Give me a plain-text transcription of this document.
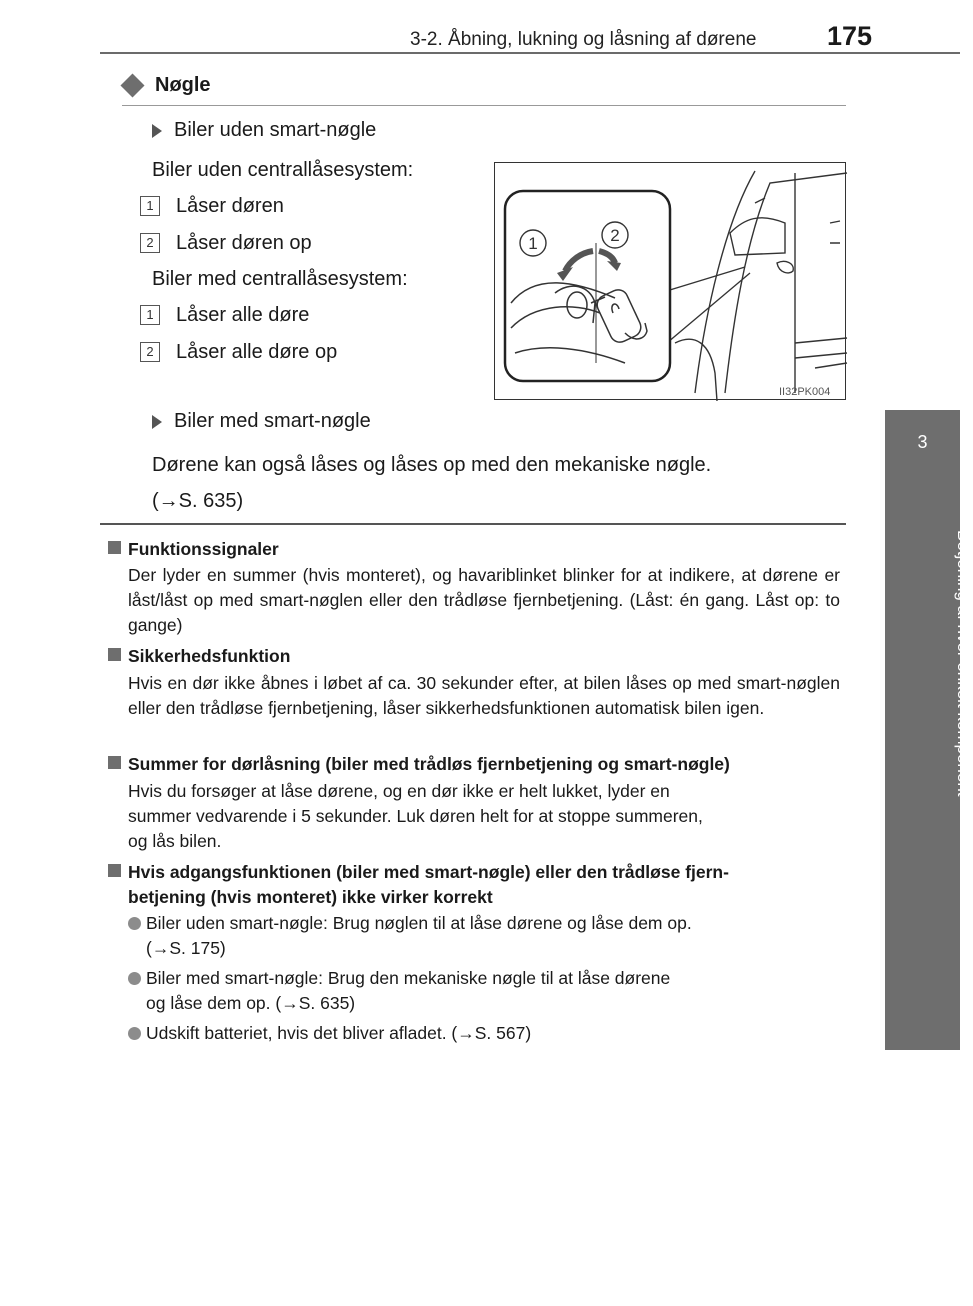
3-2. Åbning, lukning og låsning af dørene	175
3
Betjening af hver enkelt komponent
Nøgle
Biler uden smart-nøgle
Biler uden centrallåsesystem:
1	Låser døren
2	Låser døren op
Biler med centrallåsesystem:
1	Låser alle døre
2	Låser alle døre op
1	2
II32PK004
Biler med smart-nøgle
Dørene kan også låses og låses op med den mekaniske nøgle.
(→S. 635)
Funktionssignaler
Der lyder en summer (hvis monteret), og havariblinket blinker for at indikere, at dørene er låst/låst op med smart-nøglen eller den trådløse fjernbetjening. (Låst: én gang. Låst op: to gange)
Sikkerhedsfunktion
Hvis en dør ikke åbnes i løbet af ca. 30 sekunder efter, at bilen låses op med smart-nøglen eller den trådløse fjernbetjening, låser sikkerhedsfunktionen automatisk bilen igen.
Summer for dørlåsning (biler med trådløs fjernbetjening og smart-nøgle)
Hvis du forsøger at låse dørene, og en dør ikke er helt lukket, lyder en
summer vedvarende i 5 sekunder. Luk døren helt for at stoppe summeren,
og lås bilen.
Hvis adgangsfunktionen (biler med smart-nøgle) eller den trådløse fjern-
betjening (hvis monteret) ikke virker korrekt
Biler uden smart-nøgle: Brug nøglen til at låse dørene og låse dem op.
(→S. 175)
Biler med smart-nøgle: Brug den mekaniske nøgle til at låse dørene
og låse dem op. (→S. 635)
Udskift batteriet, hvis det bliver afladet. (→S. 567)
